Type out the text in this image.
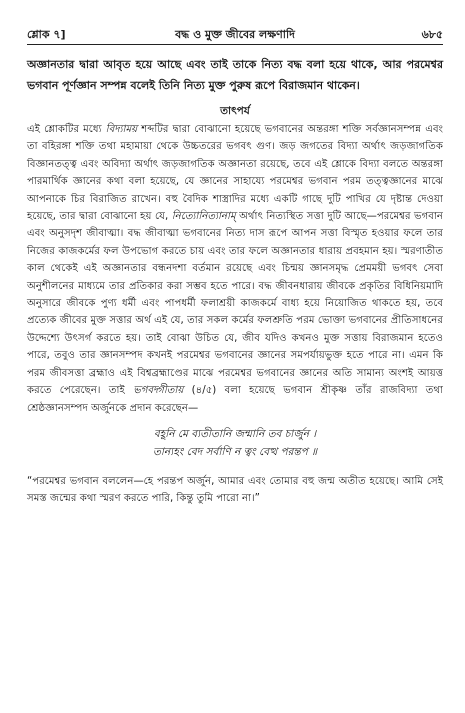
শ্লোক ৭]	বদ্ধ ও মুক্ত জীবের লক্ষণাদি	৬৮৫

অজ্ঞানতার দ্বারা আবৃত হয়ে আছে এবং তাই তাকে নিত্য বদ্ধ বলা হয়ে থাকে, আর পরমেশ্বর ভগবান পূর্ণজ্ঞান সম্পন্ন বলেই তিনি নিত্য মুক্ত পুরুষ রূপে বিরাজমান থাকেন।

তাৎপর্য

এই শ্লোকটির মধ্যে বিদ্যাময় শব্দটির দ্বারা বোঝানো হয়েছে ভগবানের অন্তরঙ্গা শক্তি সর্বজ্ঞানসম্পন্ন এবং তা বহিরঙ্গা শক্তি তথা মহামায়া থেকে উচ্চতরের ভগবৎ গুণ। জড় জগতের বিদ্যা অর্থাৎ জড়জাগতিক বিজ্ঞানতত্ত্ব এবং অবিদ্যা অর্থাৎ জড়জাগতিক অজ্ঞানতা রয়েছে, তবে এই শ্লোকে বিদ্যা বলতে অন্তরঙ্গা পারমার্থিক জ্ঞানের কথা বলা হয়েছে, যে জ্ঞানের সাহায্যে পরমেশ্বর ভগবান পরম তত্ত্বজ্ঞানের মাঝে আপনাকে চির বিরাজিত রাখেন। বহু বৈদিক শাস্ত্রাদির মধ্যে একটি গাছে দুটি পাখির যে দৃষ্টান্ত দেওয়া হয়েছে, তার দ্বারা বোঝানো হয় যে, নিত্যোনিত্যানাম্ অর্থাৎ নিত্যস্থিত সত্তা দুটি আছে—পরমেশ্বর ভগবান এবং অনুসদৃশ জীবাত্মা। বদ্ধ জীবাত্মা ভগবানের নিত্য দাস রূপে আপন সত্তা বিস্মৃত হওয়ার ফলে তার নিজের কাজকর্মের ফল উপভোগ করতে চায় এবং তার ফলে অজ্ঞানতার ধারায় প্রবহমান হয়। স্মরণাতীত কাল থেকেই এই অজ্ঞানতার বন্ধনদশা বর্তমান রয়েছে এবং চিন্ময় জ্ঞানসমৃদ্ধ প্রেমময়ী ভগবৎ সেবা অনুশীলনের মাধ্যমে তার প্রতিকার করা সম্ভব হতে পারে। বদ্ধ জীবনধারায় জীবকে প্রকৃতির বিধিনিয়মাদি অনুসারে জীবকে পুণ্য ধর্মী এবং পাপধর্মী ফলাশ্রয়ী কাজকর্মে বাধ্য হয়ে নিয়োজিত থাকতে হয়, তবে প্রত্যেক জীবের মুক্ত সত্তার অর্থ এই যে, তার সকল কর্মের ফলশ্রুতি পরম ভোক্তা ভগবানের প্রীতিসাধনের উদ্দেশ্যে উৎসর্গ করতে হয়। তাই বোঝা উচিত যে, জীব যদিও কখনও মুক্ত সত্তায় বিরাজমান হতেও পারে, তবুও তার জ্ঞানসম্পদ কখনই পরমেশ্বর ভগবানের জ্ঞানের সমপর্যায়ভুক্ত হতে পারে না। এমন কি পরম জীবসত্তা ব্রহ্মাও এই বিশ্বব্রহ্মাণ্ডের মাঝে পরমেশ্বর ভগবানের জ্ঞানের অতি সামান্য অংশই আয়ত্ত করতে পেরেছেন। তাই ভগবদ্গীতায় (৪/৫) বলা হয়েছে ভগবান শ্রীকৃষ্ণ তাঁর রাজবিদ্যা তথা শ্রেষ্ঠজ্ঞানসম্পদ অর্জুনকে প্রদান করেছেন—

বহূনি মে ব্যতীতানি জন্মানি তব চার্জুন ।
তান্যহং বেদ সর্বাণি ন ত্বং বেত্থ পরন্তপ ॥

“পরমেশ্বর ভগবান বললেন—হে পরন্তপ অর্জুন, আমার এবং তোমার বহু জন্ম অতীত হয়েছে। আমি সেই সমস্ত জন্মের কথা স্মরণ করতে পারি, কিন্তু তুমি পারো না।”
